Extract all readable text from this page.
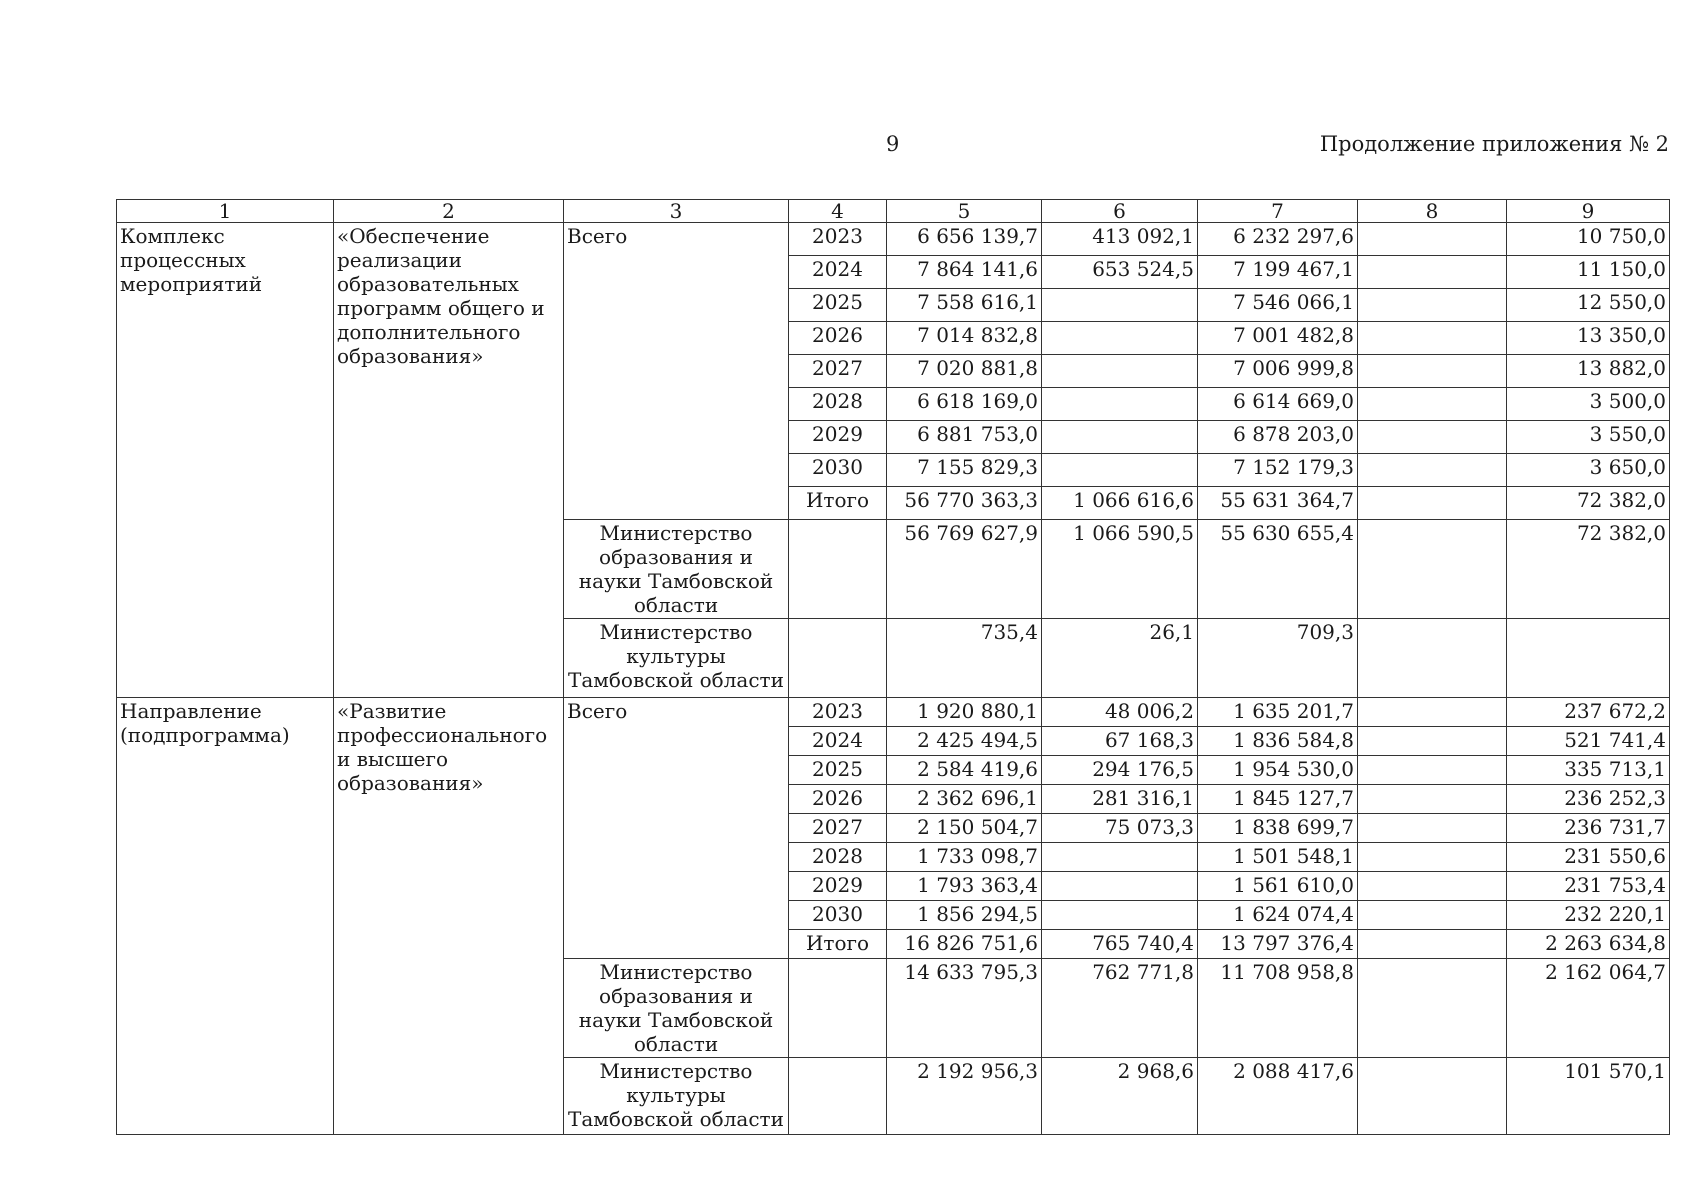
9	Продолжение приложения № 2
1	2	3	4	5	6	7	8	9
Комплекс процессных мероприятий	«Обеспечение реализации образовательных программ общего и дополнительного образования»	Всего	2023	6 656 139,7	413 092,1	6 232 297,6		10 750,0
			2024	7 864 141,6	653 524,5	7 199 467,1		11 150,0
			2025	7 558 616,1		7 546 066,1		12 550,0
			2026	7 014 832,8		7 001 482,8		13 350,0
			2027	7 020 881,8		7 006 999,8		13 882,0
			2028	6 618 169,0		6 614 669,0		3 500,0
			2029	6 881 753,0		6 878 203,0		3 550,0
			2030	7 155 829,3		7 152 179,3		3 650,0
			Итого	56 770 363,3	1 066 616,6	55 631 364,7		72 382,0
		Министерство образования и науки Тамбовской области		56 769 627,9	1 066 590,5	55 630 655,4		72 382,0
		Министерство культуры Тамбовской области		735,4	26,1	709,3		
Направление (подпрограмма)	«Развитие профессионального и высшего образования»	Всего	2023	1 920 880,1	48 006,2	1 635 201,7		237 672,2
			2024	2 425 494,5	67 168,3	1 836 584,8		521 741,4
			2025	2 584 419,6	294 176,5	1 954 530,0		335 713,1
			2026	2 362 696,1	281 316,1	1 845 127,7		236 252,3
			2027	2 150 504,7	75 073,3	1 838 699,7		236 731,7
			2028	1 733 098,7		1 501 548,1		231 550,6
			2029	1 793 363,4		1 561 610,0		231 753,4
			2030	1 856 294,5		1 624 074,4		232 220,1
			Итого	16 826 751,6	765 740,4	13 797 376,4		2 263 634,8
		Министерство образования и науки Тамбовской области		14 633 795,3	762 771,8	11 708 958,8		2 162 064,7
		Министерство культуры Тамбовской области		2 192 956,3	2 968,6	2 088 417,6		101 570,1
